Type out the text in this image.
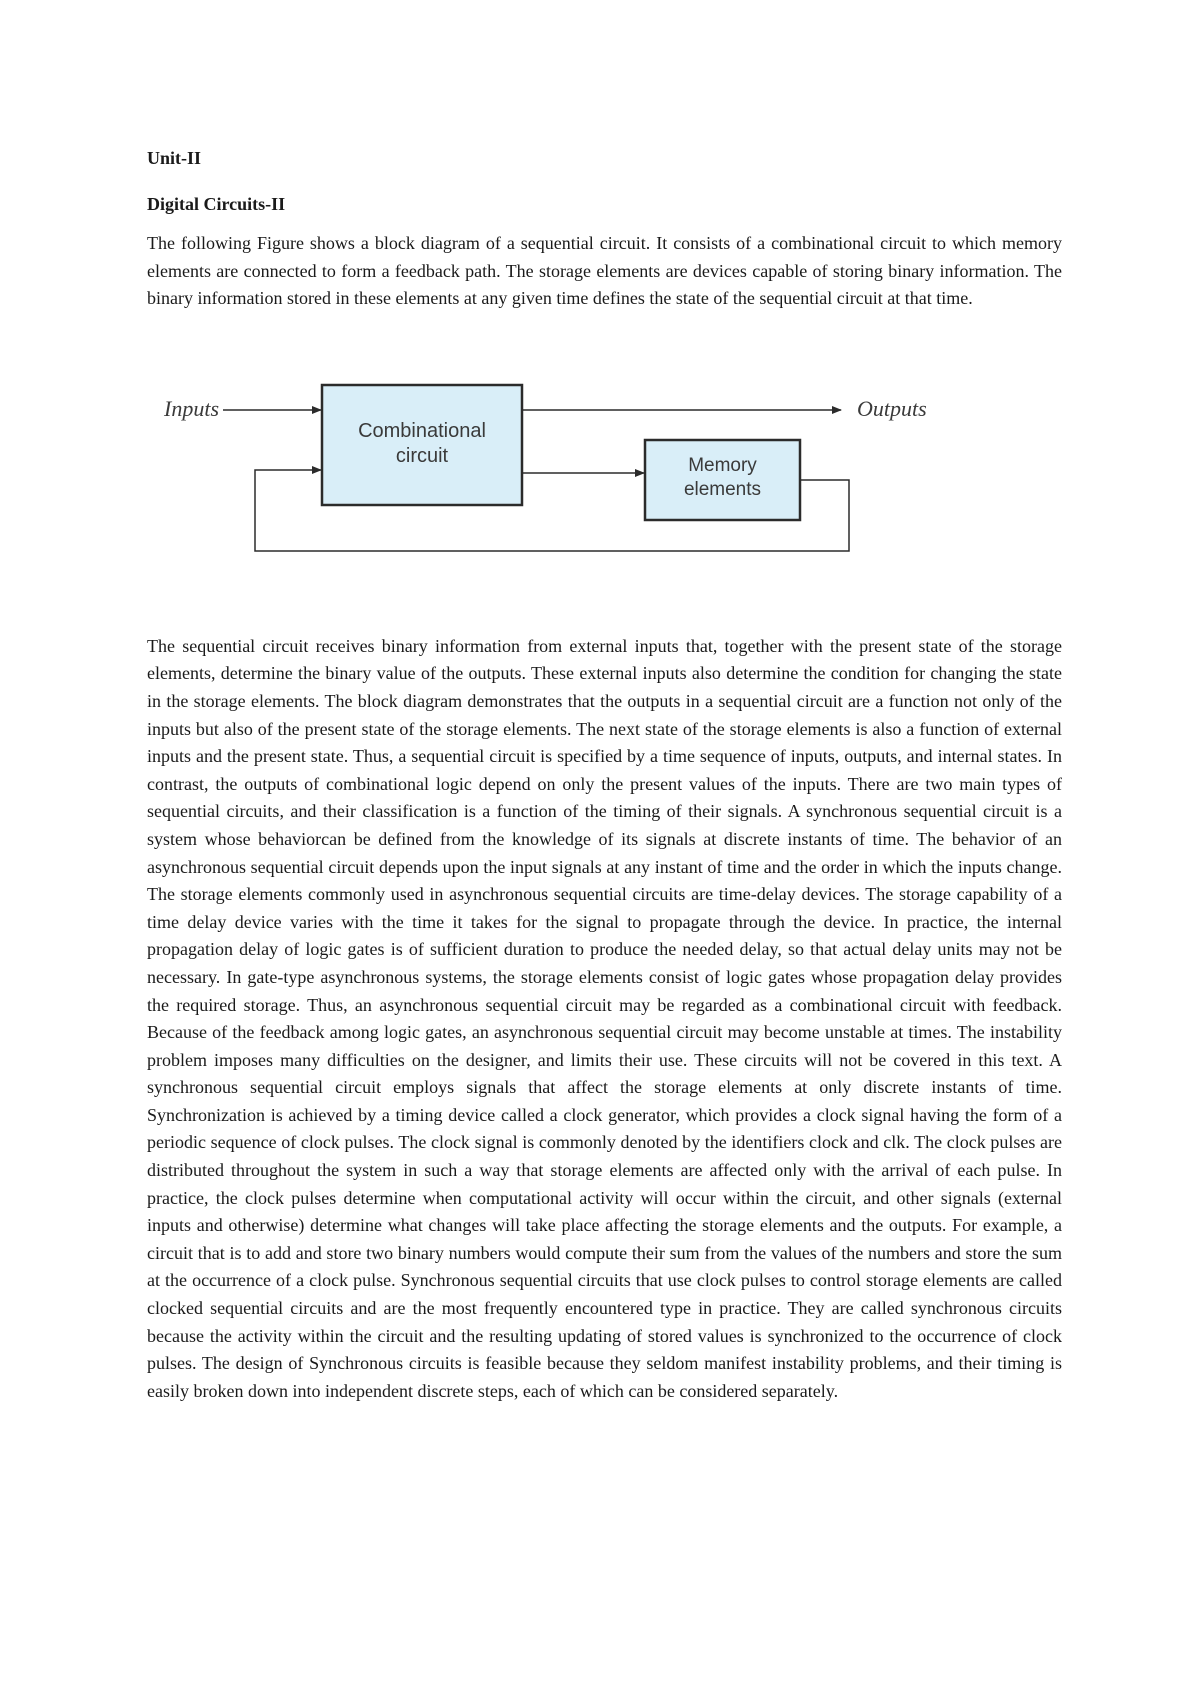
Unit-II
Digital Circuits-II

The following Figure shows a block diagram of a sequential circuit. It consists of a combinational circuit to which memory elements are connected to form a feedback path. The storage elements are devices capable of storing binary information. The binary information stored in these elements at any given time defines the state of the sequential circuit at that time.

Inputs	Outputs
Combinational
circuit	Memory
elements

The sequential circuit receives binary information from external inputs that, together with the present state of the storage elements, determine the binary value of the outputs. These external inputs also determine the condition for changing the state in the storage elements. The block diagram demonstrates that the outputs in a sequential circuit are a function not only of the inputs but also of the present state of the storage elements. The next state of the storage elements is also a function of external inputs and the present state. Thus, a sequential circuit is specified by a time sequence of inputs, outputs, and internal states. In contrast, the outputs of combinational logic depend on only the present values of the inputs. There are two main types of sequential circuits, and their classification is a function of the timing of their signals. A synchronous sequential circuit is a system whose behaviorcan be defined from the knowledge of its signals at discrete instants of time. The behavior of an asynchronous sequential circuit depends upon the input signals at any instant of time and the order in which the inputs change. The storage elements commonly used in asynchronous sequential circuits are time-delay devices. The storage capability of a time delay device varies with the time it takes for the signal to propagate through the device. In practice, the internal propagation delay of logic gates is of sufficient duration to produce the needed delay, so that actual delay units may not be necessary. In gate-type asynchronous systems, the storage elements consist of logic gates whose propagation delay provides the required storage. Thus, an asynchronous sequential circuit may be regarded as a combinational circuit with feedback. Because of the feedback among logic gates, an asynchronous sequential circuit may become unstable at times. The instability problem imposes many difficulties on the designer, and limits their use. These circuits will not be covered in this text. A synchronous sequential circuit employs signals that affect the storage elements at only discrete instants of time. Synchronization is achieved by a timing device called a clock generator, which provides a clock signal having the form of a periodic sequence of clock pulses. The clock signal is commonly denoted by the identifiers clock and clk. The clock pulses are distributed throughout the system in such a way that storage elements are affected only with the arrival of each pulse. In practice, the clock pulses determine when computational activity will occur within the circuit, and other signals (external inputs and otherwise) determine what changes will take place affecting the storage elements and the outputs. For example, a circuit that is to add and store two binary numbers would compute their sum from the values of the numbers and store the sum at the occurrence of a clock pulse. Synchronous sequential circuits that use clock pulses to control storage elements are called clocked sequential circuits and are the most frequently encountered type in practice. They are called synchronous circuits because the activity within the circuit and the resulting updating of stored values is synchronized to the occurrence of clock pulses. The design of Synchronous circuits is feasible because they seldom manifest instability problems, and their timing is easily broken down into independent discrete steps, each of which can be considered separately.
